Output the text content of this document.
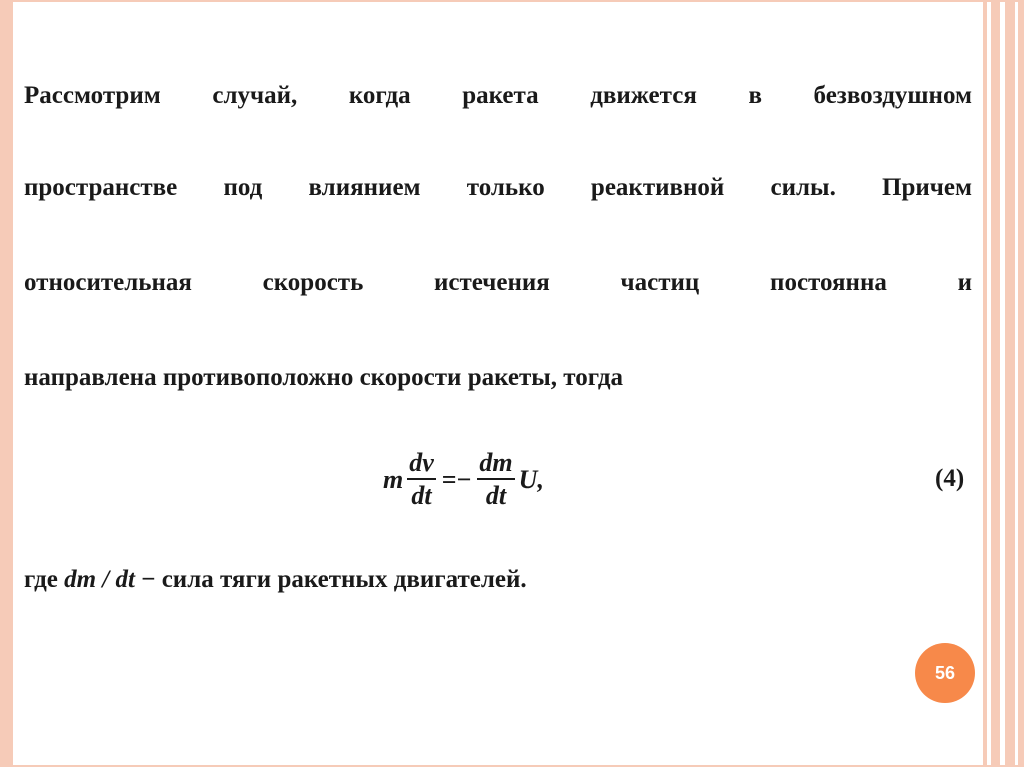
Рассмотрим случай, когда ракета движется в безвоздушном
пространстве под влиянием только реактивной силы. Причем
относительная скорость истечения частиц постоянна и
направлена противоположно скорости ракеты, тогда
m $\frac{dv}{dt} =- \frac{dm}{dt}$ U ,	(4)
где dm / dt − сила тяги ракетных двигателей.
56
